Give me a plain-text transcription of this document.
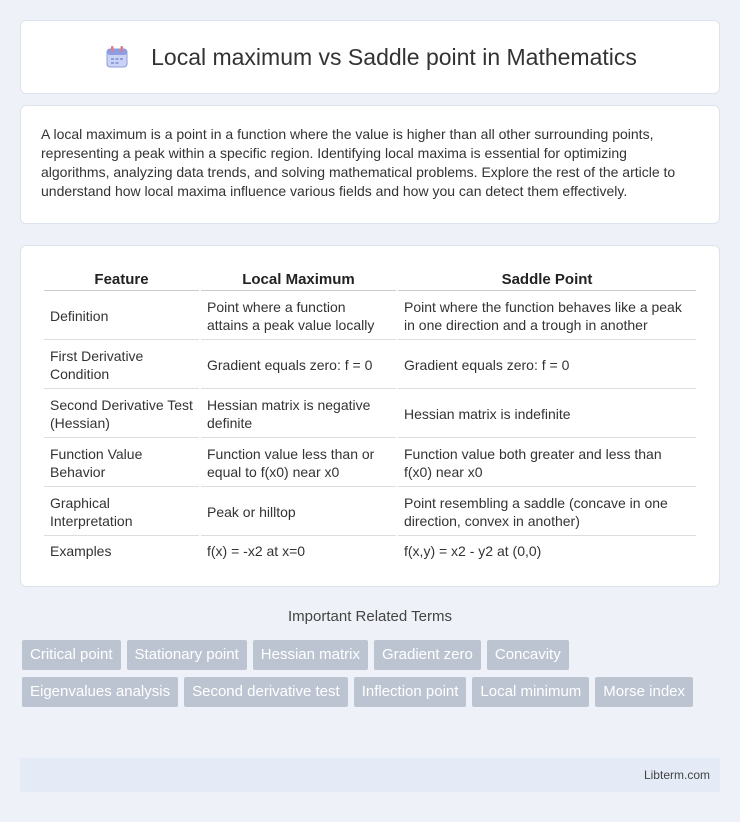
Local maximum vs Saddle point in Mathematics

A local maximum is a point in a function where the value is higher than all other surrounding points, representing a peak within a specific region. Identifying local maxima is essential for optimizing algorithms, analyzing data trends, and solving mathematical problems. Explore the rest of the article to understand how local maxima influence various fields and how you can detect them effectively.

Feature	Local Maximum	Saddle Point
Definition	Point where a function attains a peak value locally	Point where the function behaves like a peak in one direction and a trough in another
First Derivative Condition	Gradient equals zero: f = 0	Gradient equals zero: f = 0
Second Derivative Test (Hessian)	Hessian matrix is negative definite	Hessian matrix is indefinite
Function Value Behavior	Function value less than or equal to f(x0) near x0	Function value both greater and less than f(x0) near x0
Graphical Interpretation	Peak or hilltop	Point resembling a saddle (concave in one direction, convex in another)
Examples	f(x) = -x2 at x=0	f(x,y) = x2 - y2 at (0,0)
Important Related Terms
Critical point	Stationary point	Hessian matrix	Gradient zero	Concavity
Eigenvalues analysis	Second derivative test	Inflection point	Local minimum	Morse index
Libterm.com
